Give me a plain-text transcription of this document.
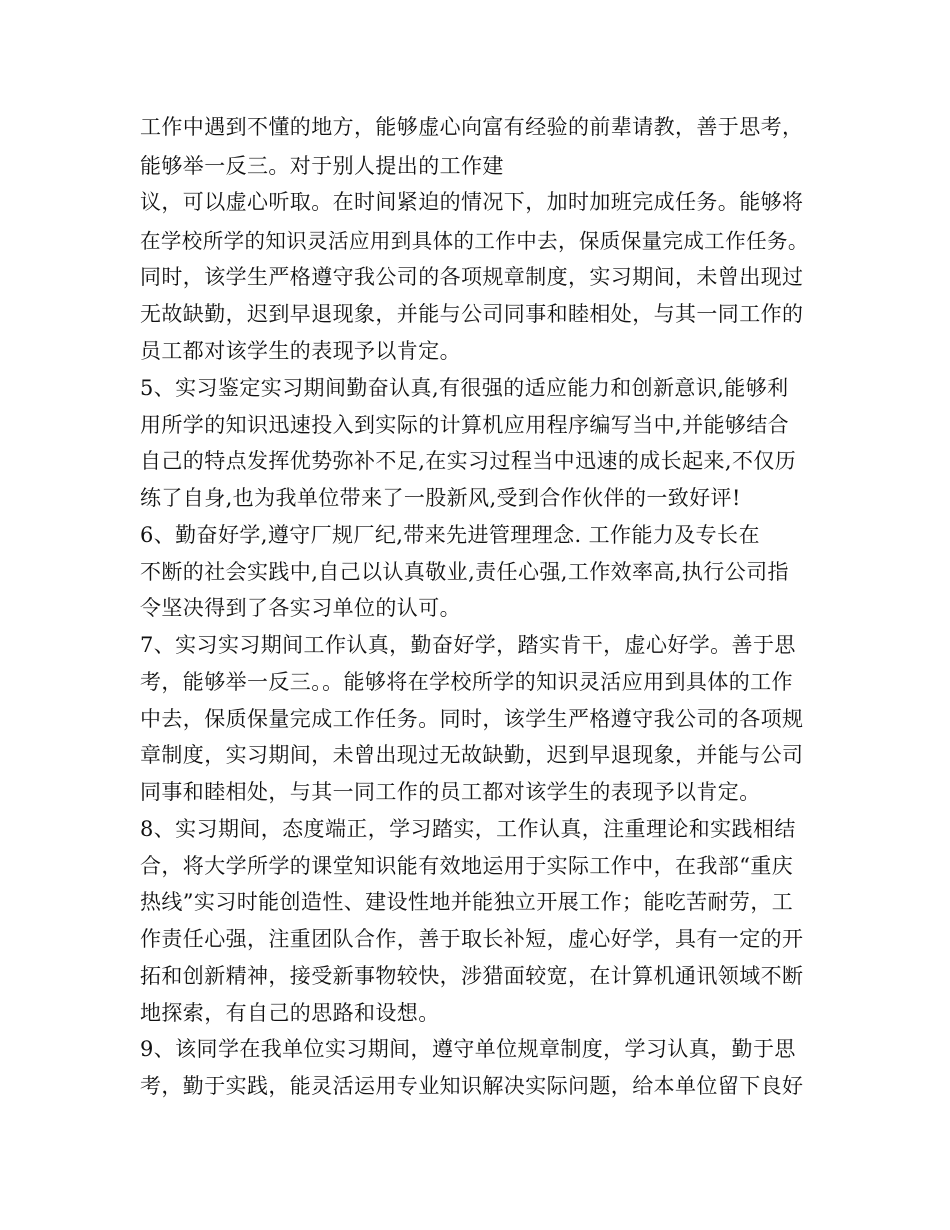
工作中遇到不懂的地方，能够虚心向富有经验的前辈请教，善于思考，
能够举一反三。对于别人提出的工作建
议，可以虚心听取。在时间紧迫的情况下，加时加班完成任务。能够将
在学校所学的知识灵活应用到具体的工作中去，保质保量完成工作任务。
同时，该学生严格遵守我公司的各项规章制度，实习期间，未曾出现过
无故缺勤，迟到早退现象，并能与公司同事和睦相处，与其一同工作的
员工都对该学生的表现予以肯定。
5、实习鉴定实习期间勤奋认真,有很强的适应能力和创新意识,能够利
用所学的知识迅速投入到实际的计算机应用程序编写当中,并能够结合
自己的特点发挥优势弥补不足,在实习过程当中迅速的成长起来,不仅历
练了自身,也为我单位带来了一股新风,受到合作伙伴的一致好评!
6、勤奋好学,遵守厂规厂纪,带来先进管理理念. 工作能力及专长在
不断的社会实践中,自己以认真敬业,责任心强,工作效率高,执行公司指
令坚决得到了各实习单位的认可。
7、实习实习期间工作认真，勤奋好学，踏实肯干，虚心好学。善于思
考，能够举一反三。。能够将在学校所学的知识灵活应用到具体的工作
中去，保质保量完成工作任务。同时，该学生严格遵守我公司的各项规
章制度，实习期间，未曾出现过无故缺勤，迟到早退现象，并能与公司
同事和睦相处，与其一同工作的员工都对该学生的表现予以肯定。
8、实习期间，态度端正，学习踏实，工作认真，注重理论和实践相结
合，将大学所学的课堂知识能有效地运用于实际工作中，在我部“重庆
热线”实习时能创造性、建设性地并能独立开展工作；能吃苦耐劳，工
作责任心强，注重团队合作，善于取长补短，虚心好学，具有一定的开
拓和创新精神，接受新事物较快，涉猎面较宽，在计算机通讯领域不断
地探索，有自己的思路和设想。
9、该同学在我单位实习期间，遵守单位规章制度，学习认真，勤于思
考，勤于实践，能灵活运用专业知识解决实际问题，给本单位留下良好
